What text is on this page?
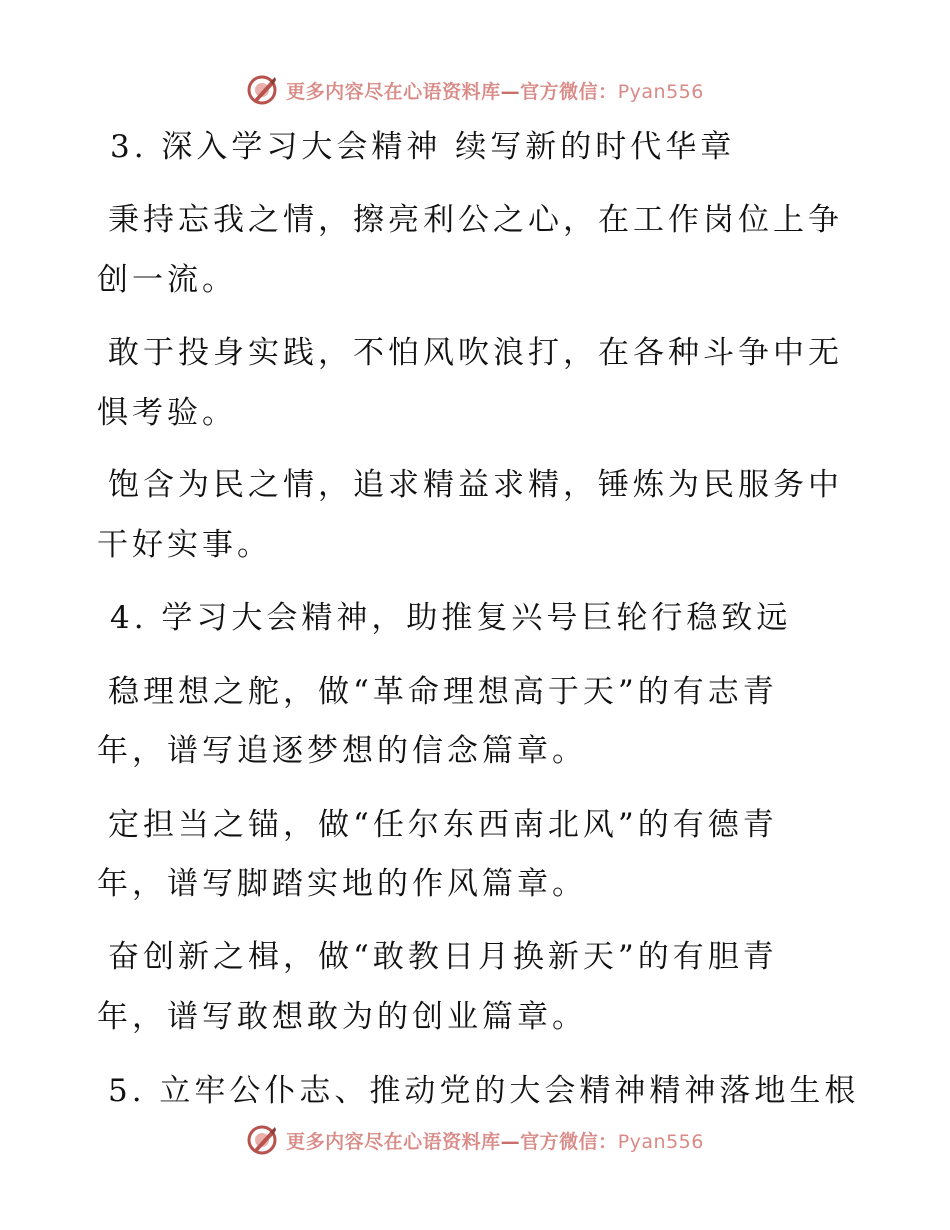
更多内容尽在心语资料库—官方微信：Pyan556
3. 深入学习大会精神 续写新的时代华章
秉持忘我之情，擦亮利公之心，在工作岗位上争
创一流。
敢于投身实践，不怕风吹浪打，在各种斗争中无
惧考验。
饱含为民之情，追求精益求精，锤炼为民服务中
干好实事。
4. 学习大会精神，助推复兴号巨轮行稳致远
稳理想之舵，做“革命理想高于天”的有志青
年，谱写追逐梦想的信念篇章。
定担当之锚，做“任尔东西南北风”的有德青
年，谱写脚踏实地的作风篇章。
奋创新之楫，做“敢教日月换新天”的有胆青
年，谱写敢想敢为的创业篇章。
5. 立牢公仆志、推动党的大会精神精神落地生根
更多内容尽在心语资料库—官方微信：Pyan556
